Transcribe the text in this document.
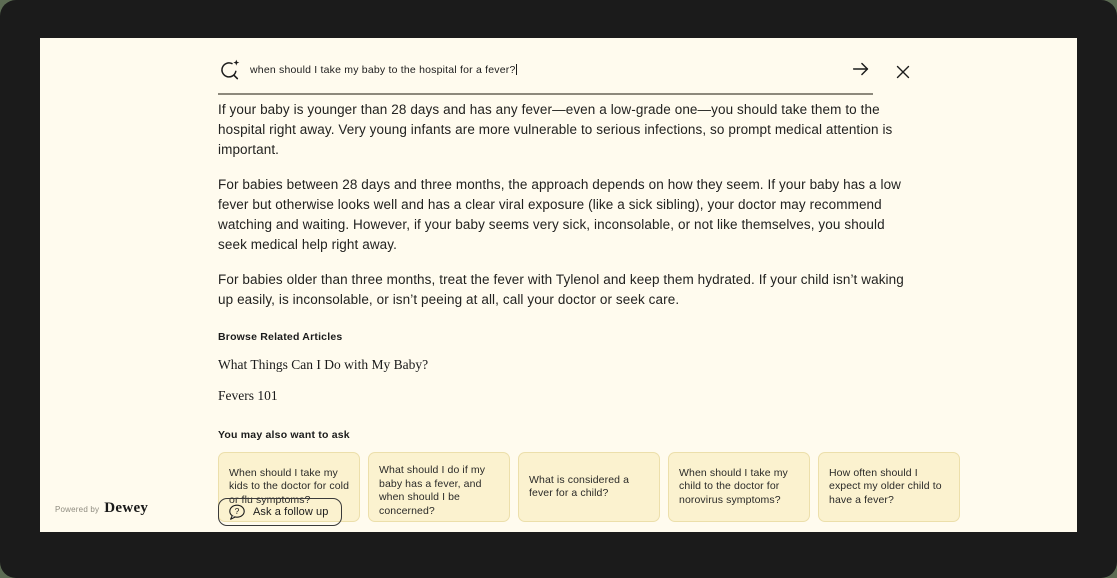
when should I take my baby to the hospital for a fever?

If your baby is younger than 28 days and has any fever—even a low-grade one—you should take them to the hospital right away. Very young infants are more vulnerable to serious infections, so prompt medical attention is important.

For babies between 28 days and three months, the approach depends on how they seem. If your baby has a low fever but otherwise looks well and has a clear viral exposure (like a sick sibling), your doctor may recommend watching and waiting. However, if your baby seems very sick, inconsolable, or not like themselves, you should seek medical help right away.

For babies older than three months, treat the fever with Tylenol and keep them hydrated. If your child isn’t waking up easily, is inconsolable, or isn’t peeing at all, call your doctor or seek care.

Browse Related Articles
What Things Can I Do with My Baby?
Fevers 101
You may also want to ask
When should I take my kids to the doctor for cold or flu symptoms?
What should I do if my baby has a fever, and when should I be concerned?
What is considered a fever for a child?
When should I take my child to the doctor for norovirus symptoms?
How often should I expect my older child to have a fever?
Powered by Dewey	? Ask a follow up
